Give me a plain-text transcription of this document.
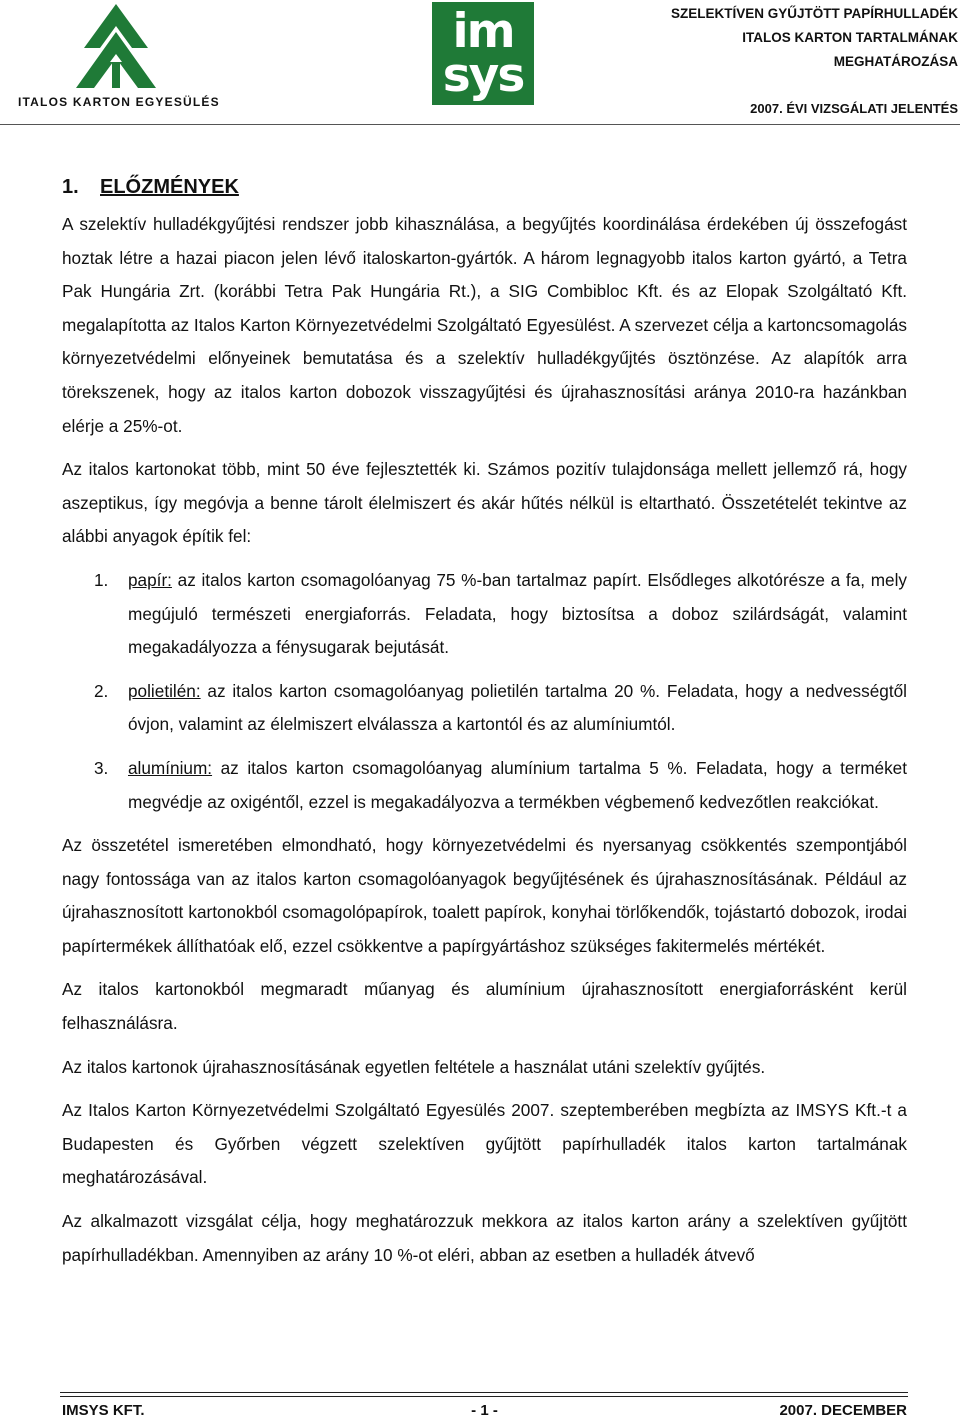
ITALOS KARTON EGYESÜLÉS
im
sys
SZELEKTÍVEN GYŰJTÖTT PAPÍRHULLADÉK
ITALOS KARTON TARTALMÁNAK
MEGHATÁROZÁSA
2007. ÉVI VIZSGÁLATI JELENTÉS
1. ELŐZMÉNYEK

A szelektív hulladékgyűjtési rendszer jobb kihasználása, a begyűjtés koordinálása érdekében új összefogást hoztak létre a hazai piacon jelen lévő italoskarton-gyártók. A három legnagyobb italos karton gyártó, a Tetra Pak Hungária Zrt. (korábbi Tetra Pak Hungária Rt.), a SIG Combibloc Kft. és az Elopak Szolgáltató Kft. megalapította az Italos Karton Környezetvédelmi Szolgáltató Egyesülést. A szervezet célja a kartoncsomagolás környezetvédelmi előnyeinek bemutatása és a szelektív hulladékgyűjtés ösztönzése. Az alapítók arra törekszenek, hogy az italos karton dobozok visszagyűjtési és újrahasznosítási aránya 2010-ra hazánkban elérje a 25%-ot.

Az italos kartonokat több, mint 50 éve fejlesztették ki. Számos pozitív tulajdonsága mellett jellemző rá, hogy aszeptikus, így megóvja a benne tárolt élelmiszert és akár hűtés nélkül is eltartható. Összetételét tekintve az alábbi anyagok építik fel:

1. papír: az italos karton csomagolóanyag 75 %-ban tartalmaz papírt. Elsődleges alkotórésze a fa, mely megújuló természeti energiaforrás. Feladata, hogy biztosítsa a doboz szilárdságát, valamint megakadályozza a fénysugarak bejutását.
2. polietilén: az italos karton csomagolóanyag polietilén tartalma 20 %. Feladata, hogy a nedvességtől óvjon, valamint az élelmiszert elválassza a kartontól és az alumíniumtól.
3. alumínium: az italos karton csomagolóanyag alumínium tartalma 5 %. Feladata, hogy a terméket megvédje az oxigéntől, ezzel is megakadályozva a termékben végbemenő kedvezőtlen reakciókat.

Az összetétel ismeretében elmondható, hogy környezetvédelmi és nyersanyag csökkentés szempontjából nagy fontossága van az italos karton csomagolóanyagok begyűjtésének és újrahasznosításának. Például az újrahasznosított kartonokból csomagolópapírok, toalett papírok, konyhai törlőkendők, tojástartó dobozok, irodai papírtermékek állíthatóak elő, ezzel csökkentve a papírgyártáshoz szükséges fakitermelés mértékét.

Az italos kartonokból megmaradt műanyag és alumínium újrahasznosított energiaforrásként kerül felhasználásra.

Az italos kartonok újrahasznosításának egyetlen feltétele a használat utáni szelektív gyűjtés.

Az Italos Karton Környezetvédelmi Szolgáltató Egyesülés 2007. szeptemberében megbízta az IMSYS Kft.-t a Budapesten és Győrben végzett szelektíven gyűjtött papírhulladék italos karton tartalmának meghatározásával.

Az alkalmazott vizsgálat célja, hogy meghatározzuk mekkora az italos karton arány a szelektíven gyűjtött papírhulladékban. Amennyiben az arány 10 %-ot eléri, abban az esetben a hulladék átvevő

IMSYS KFT.	- 1 -	2007. DECEMBER
